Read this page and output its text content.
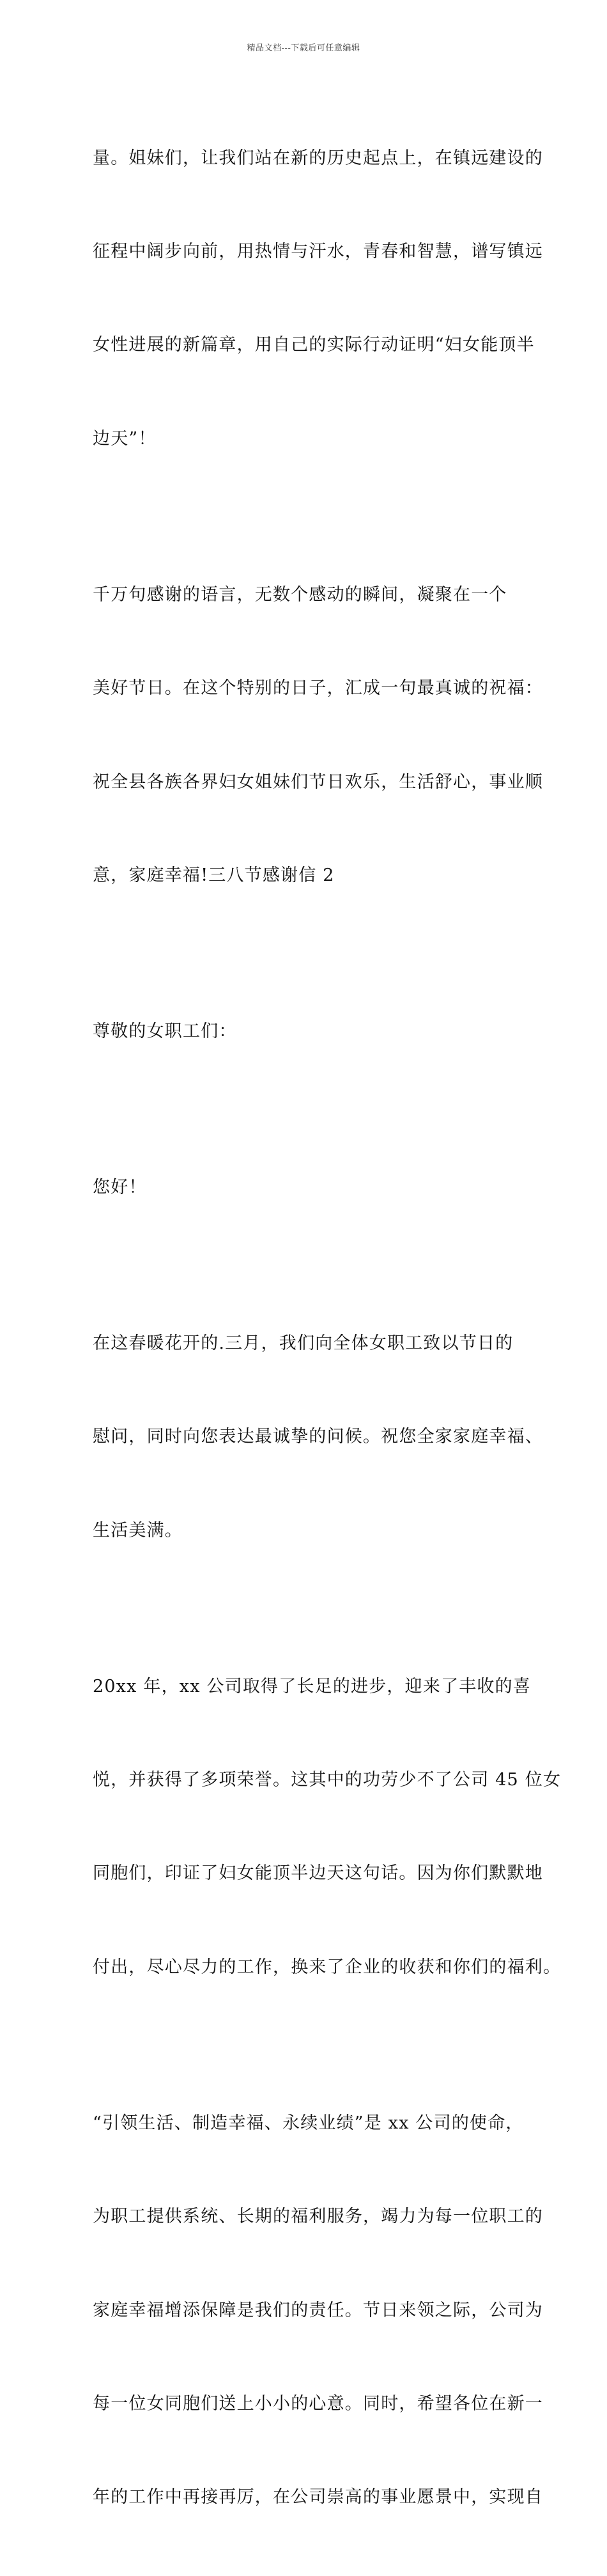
精品文档---下载后可任意编辑

量。姐妹们，让我们站在新的历史起点上，在镇远建设的

征程中阔步向前，用热情与汗水，青春和智慧，谱写镇远

女性进展的新篇章，用自己的实际行动证明“妇女能顶半

边天”！

千万句感谢的语言，无数个感动的瞬间，凝聚在一个

美好节日。在这个特别的日子，汇成一句最真诚的祝福：

祝全县各族各界妇女姐妹们节日欢乐，生活舒心，事业顺

意，家庭幸福!三八节感谢信 2

尊敬的女职工们：

您好！

在这春暖花开的.三月，我们向全体女职工致以节日的

慰问，同时向您表达最诚挚的问候。祝您全家家庭幸福、

生活美满。

20xx 年，xx 公司取得了长足的进步，迎来了丰收的喜

悦，并获得了多项荣誉。这其中的功劳少不了公司 45 位女

同胞们，印证了妇女能顶半边天这句话。因为你们默默地

付出，尽心尽力的工作，换来了企业的收获和你们的福利。

“引领生活、制造幸福、永续业绩”是 xx 公司的使命，

为职工提供系统、长期的福利服务，竭力为每一位职工的

家庭幸福增添保障是我们的责任。节日来领之际，公司为

每一位女同胞们送上小小的心意。同时，希望各位在新一

年的工作中再接再厉，在公司崇高的事业愿景中，实现自
